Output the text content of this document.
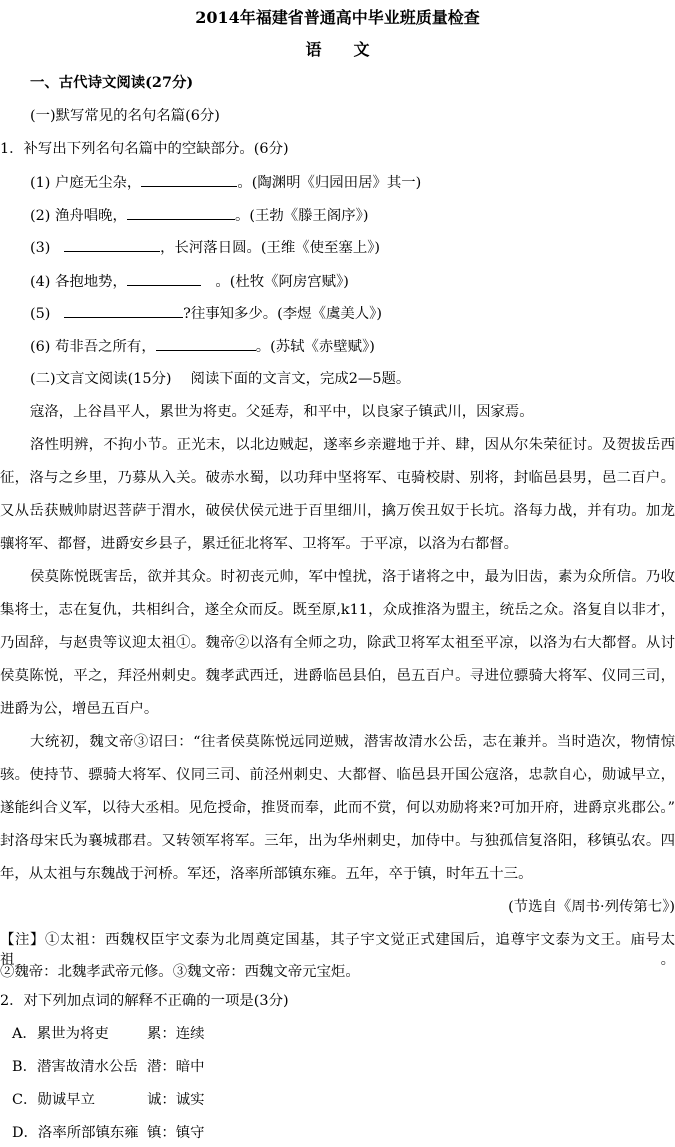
2014年福建省普通高中毕业班质量检查
语　　文
一、古代诗文阅读(27分)
(一)默写常见的名句名篇(6分)
1．补写出下列名句名篇中的空缺部分。(6分)
(1) 户庭无尘杂，	。(陶渊明《归园田居》其一)
(2) 渔舟唱晚，	。(王勃《滕王阁序》)
(3)	，长河落日圆。(王维《使至塞上》)
(4) 各抱地势，	　。(杜牧《阿房宫赋》)
(5)	?往事知多少。(李煜《虞美人》)
(6) 苟非吾之所有，	。(苏轼《赤壁赋》)
(二)文言文阅读(15分)　 阅读下面的文言文，完成2—5题。
寇洛，上谷昌平人，累世为将吏。父延寿，和平中，以良家子镇武川，因家焉。
洛性明辨，不拘小节。正光末，以北边贼起，遂率乡亲避地于并、肆，因从尔朱荣征讨。及贺拔岳西
征，洛与之乡里，乃募从入关。破赤水蜀，以功拜中坚将军、屯骑校尉、别将，封临邑县男，邑二百户。
又从岳获贼帅尉迟菩萨于渭水，破侯伏侯元进于百里细川，擒万俟丑奴于长坑。洛每力战，并有功。加龙
骧将军、都督，进爵安乡县子，累迁征北将军、卫将军。于平凉，以洛为右都督。
侯莫陈悦既害岳，欲并其众。时初丧元帅，军中惶扰，洛于诸将之中，最为旧齿，素为众所信。乃收
集将士，志在复仇，共相纠合，遂全众而反。既至原,k11，众成推洛为盟主，统岳之众。洛复自以非才，
乃固辞，与赵贵等议迎太祖①。魏帝②以洛有全师之功，除武卫将军太祖至平凉，以洛为右大都督。从讨
侯莫陈悦，平之，拜泾州刺史。魏孝武西迁，进爵临邑县伯，邑五百户。寻进位骠骑大将军、仪同三司，
进爵为公，增邑五百户。
大统初，魏文帝③诏曰：“往者侯莫陈悦远同逆贼，潜害故清水公岳，志在兼并。当时造次，物情惊
骇。使持节、骠骑大将军、仪同三司、前泾州刺史、大都督、临邑县开国公寇洛，忠款自心，勋诚早立，
遂能纠合义军，以待大丞相。见危授命，推贤而奉，此而不赏，何以劝励将来?可加开府，进爵京兆郡公。”
封洛母宋氏为襄城郡君。又转领军将军。三年，出为华州刺史，加侍中。与独孤信复洛阳，移镇弘农。四
年，从太祖与东魏战于河桥。军还，洛率所部镇东雍。五年，卒于镇，时年五十三。
(节选自《周书·列传第七》)
【注】①太祖：西魏权臣宇文泰为北周奠定国基，其子宇文觉正式建国后，追尊宇文泰为文王。庙号太祖。
②魏帝：北魏孝武帝元修。③魏文帝：西魏文帝元宝炬。
2．对下列加点词的解释不正确的一项是(3分)
A．累世为将吏	累：连续
B．潜害故清水公岳 潜：暗中
C．勋诚早立	诚：诚实
D．洛率所部镇东雍 镇：镇守
